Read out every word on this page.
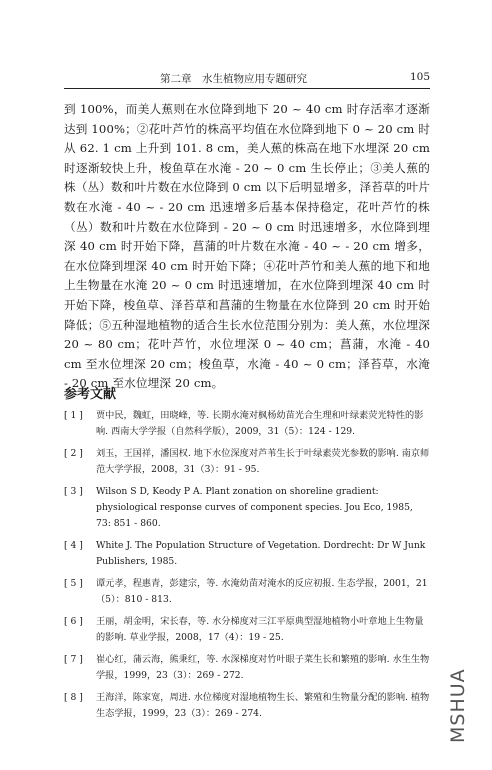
第二章　水生植物应用专题研究	105

到 100%，而美人蕉则在水位降到地下 20 ~ 40 cm 时存活率才逐渐达到 100%；②花叶芦竹的株高平均值在水位降到地下 0 ~ 20 cm 时从 62. 1 cm 上升到 101. 8 cm，美人蕉的株高在地下水埋深 20 cm 时逐渐较快上升，梭鱼草在水淹 - 20 ~ 0 cm 生长停止；③美人蕉的株（丛）数和叶片数在水位降到 0 cm 以下后明显增多，泽苔草的叶片数在水淹 - 40 ~ - 20 cm 迅速增多后基本保持稳定，花叶芦竹的株（丛）数和叶片数在水位降到 - 20 ~ 0 cm 时迅速增多，水位降到埋深 40 cm 时开始下降，菖蒲的叶片数在水淹 - 40 ~ - 20 cm 增多，在水位降到埋深 40 cm 时开始下降；④花叶芦竹和美人蕉的地下和地上生物量在水淹 20 ~ 0 cm 时迅速增加，在水位降到埋深 40 cm 时开始下降，梭鱼草、泽苔草和菖蒲的生物量在水位降到 20 cm 时开始降低；⑤五种湿地植物的适合生长水位范围分别为：美人蕉，水位埋深 20 ~ 80 cm；花叶芦竹，水位埋深 0 ~ 40 cm；菖蒲，水淹 - 40 cm 至水位埋深 20 cm；梭鱼草，水淹 - 40 ~ 0 cm；泽苔草，水淹 - 20 cm 至水位埋深 20 cm。

参考文献
[ 1 ] 贾中民，魏虹，田晓峰，等. 长期水淹对枫杨幼苗光合生理和叶绿素荧光特性的影响. 西南大学学报（自然科学版），2009，31（5）：124 - 129.
[ 2 ] 刘玉，王国祥，潘国权. 地下水位深度对芦苇生长于叶绿素荧光参数的影响. 南京师范大学学报，2008，31（3）：91 - 95.
[ 3 ] Wilson S D, Keody P A. Plant zonation on shoreline gradient: physiological response curves of component species. Jou Eco, 1985, 73: 851 - 860.
[ 4 ] White J. The Population Structure of Vegetation. Dordrecht: Dr W Junk Publishers, 1985.
[ 5 ] 谭元孝，程惠青，彭建宗，等. 水淹幼苗对淹水的反应初报. 生态学报，2001，21（5）：810 - 813.
[ 6 ] 王丽，胡金明，宋长春，等. 水分梯度对三江平原典型湿地植物小叶章地上生物量的影响. 草业学报，2008，17（4）：19 - 25.
[ 7 ] 崔心红，蒲云海，熊秉红，等. 水深梯度对竹叶眼子菜生长和繁殖的影响. 水生生物学报，1999，23（3）：269 - 272.
[ 8 ] 王海洋，陈家宽，周进. 水位梯度对湿地植物生长、繁殖和生物量分配的影响. 植物生态学报，1999，23（3）：269 - 274.	MSHUA
